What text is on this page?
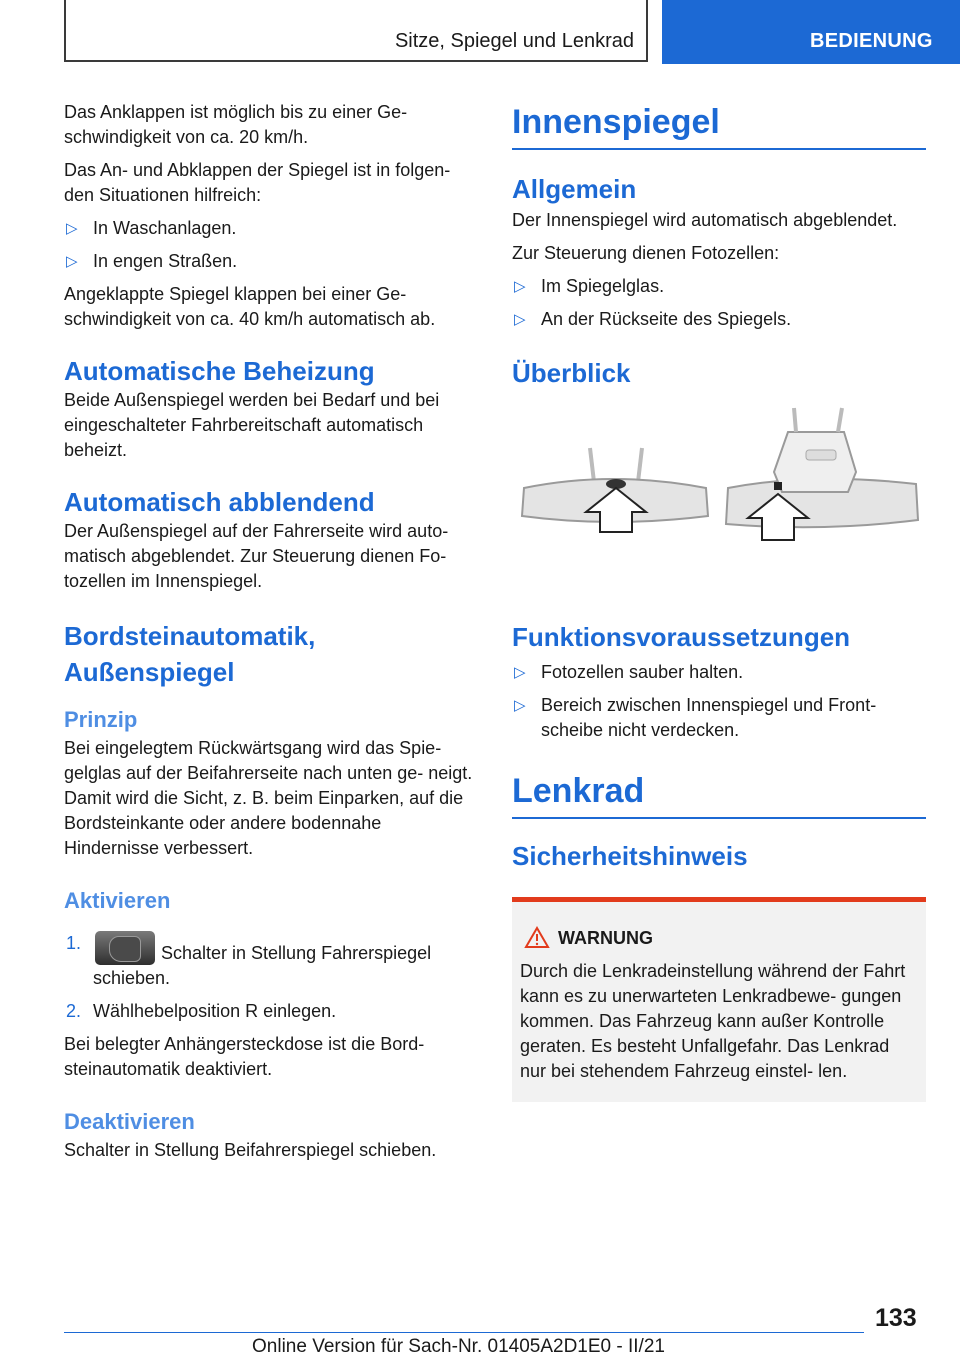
Sitze, Spiegel und Lenkrad	BEDIENUNG

Das Anklappen ist möglich bis zu einer Ge‐ schwindigkeit von ca. 20 km/h.

Das An- und Abklappen der Spiegel ist in folgen‐ den Situationen hilfreich:

▷ In Waschanlagen.
▷ In engen Straßen.

Angeklappte Spiegel klappen bei einer Ge‐ schwindigkeit von ca. 40 km/h automatisch ab.

Automatische Beheizung

Beide Außenspiegel werden bei Bedarf und bei eingeschalteter Fahrbereitschaft automatisch beheizt.

Automatisch abblendend

Der Außenspiegel auf der Fahrerseite wird auto‐ matisch abgeblendet. Zur Steuerung dienen Fo‐ tozellen im Innenspiegel.

Bordsteinautomatik, Außenspiegel
Prinzip

Bei eingelegtem Rückwärtsgang wird das Spie‐ gelglas auf der Beifahrerseite nach unten ge‐ neigt. Damit wird die Sicht, z. B. beim Einparken, auf die Bordsteinkante oder andere bodennahe Hindernisse verbessert.

Aktivieren
1.	Schalter in Stellung Fahrerspiegel schieben.
2. Wählhebelposition R einlegen.

Bei belegter Anhängersteckdose ist die Bord‐ steinautomatik deaktiviert.

Deaktivieren

Schalter in Stellung Beifahrerspiegel schieben.

Innenspiegel
Allgemein

Der Innenspiegel wird automatisch abgeblendet.

Zur Steuerung dienen Fotozellen:

▷ Im Spiegelglas.
▷ An der Rückseite des Spiegels.
Überblick
Funktionsvoraussetzungen
▷ Fotozellen sauber halten.
▷ Bereich zwischen Innenspiegel und Front‐ scheibe nicht verdecken.
Lenkrad
Sicherheitshinweis
WARNUNG

Durch die Lenkradeinstellung während der Fahrt kann es zu unerwarteten Lenkradbewe‐ gungen kommen. Das Fahrzeug kann außer Kontrolle geraten. Es besteht Unfallgefahr. Das Lenkrad nur bei stehendem Fahrzeug einstel‐ len.

133
Online Version für Sach-Nr. 01405A2D1E0 - II/21
